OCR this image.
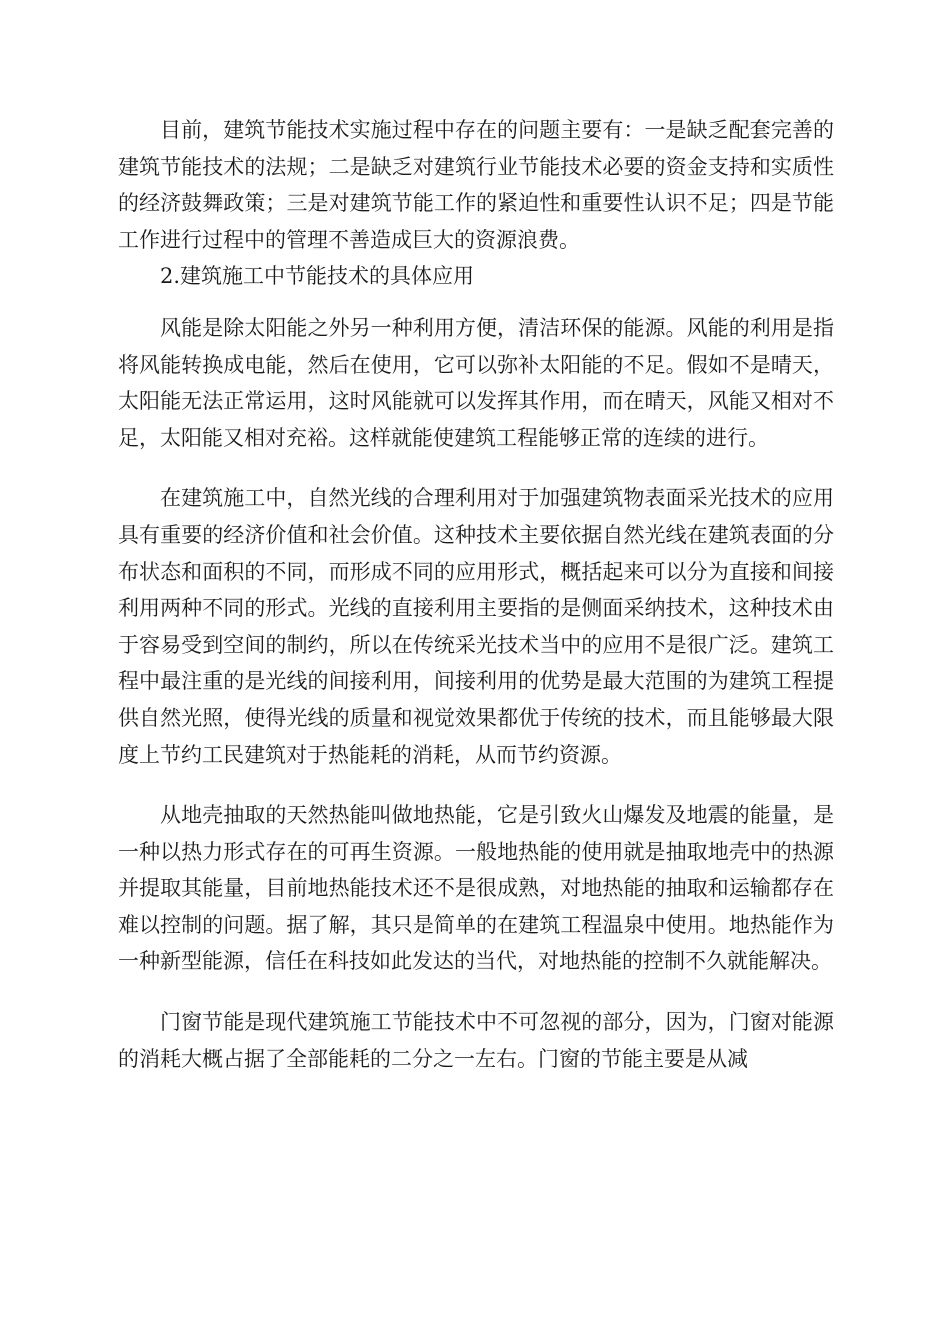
目前，建筑节能技术实施过程中存在的问题主要有：一是缺乏配套完善的建筑节能技术的法规；二是缺乏对建筑行业节能技术必要的资金支持和实质性的经济鼓舞政策；三是对建筑节能工作的紧迫性和重要性认识不足；四是节能工作进行过程中的管理不善造成巨大的资源浪费。

2.建筑施工中节能技术的具体应用

风能是除太阳能之外另一种利用方便，清洁环保的能源。风能的利用是指将风能转换成电能，然后在使用，它可以弥补太阳能的不足。假如不是晴天，太阳能无法正常运用，这时风能就可以发挥其作用，而在晴天，风能又相对不足，太阳能又相对充裕。这样就能使建筑工程能够正常的连续的进行。

在建筑施工中，自然光线的合理利用对于加强建筑物表面采光技术的应用具有重要的经济价值和社会价值。这种技术主要依据自然光线在建筑表面的分布状态和面积的不同，而形成不同的应用形式，概括起来可以分为直接和间接利用两种不同的形式。光线的直接利用主要指的是侧面采纳技术，这种技术由于容易受到空间的制约，所以在传统采光技术当中的应用不是很广泛。建筑工程中最注重的是光线的间接利用，间接利用的优势是最大范围的为建筑工程提供自然光照，使得光线的质量和视觉效果都优于传统的技术，而且能够最大限度上节约工民建筑对于热能耗的消耗，从而节约资源。

从地壳抽取的天然热能叫做地热能，它是引致火山爆发及地震的能量，是一种以热力形式存在的可再生资源。一般地热能的使用就是抽取地壳中的热源并提取其能量，目前地热能技术还不是很成熟，对地热能的抽取和运输都存在难以控制的问题。据了解，其只是简单的在建筑工程温泉中使用。地热能作为一种新型能源，信任在科技如此发达的当代，对地热能的控制不久就能解决。

门窗节能是现代建筑施工节能技术中不可忽视的部分，因为，门窗对能源的消耗大概占据了全部能耗的二分之一左右。门窗的节能主要是从减
